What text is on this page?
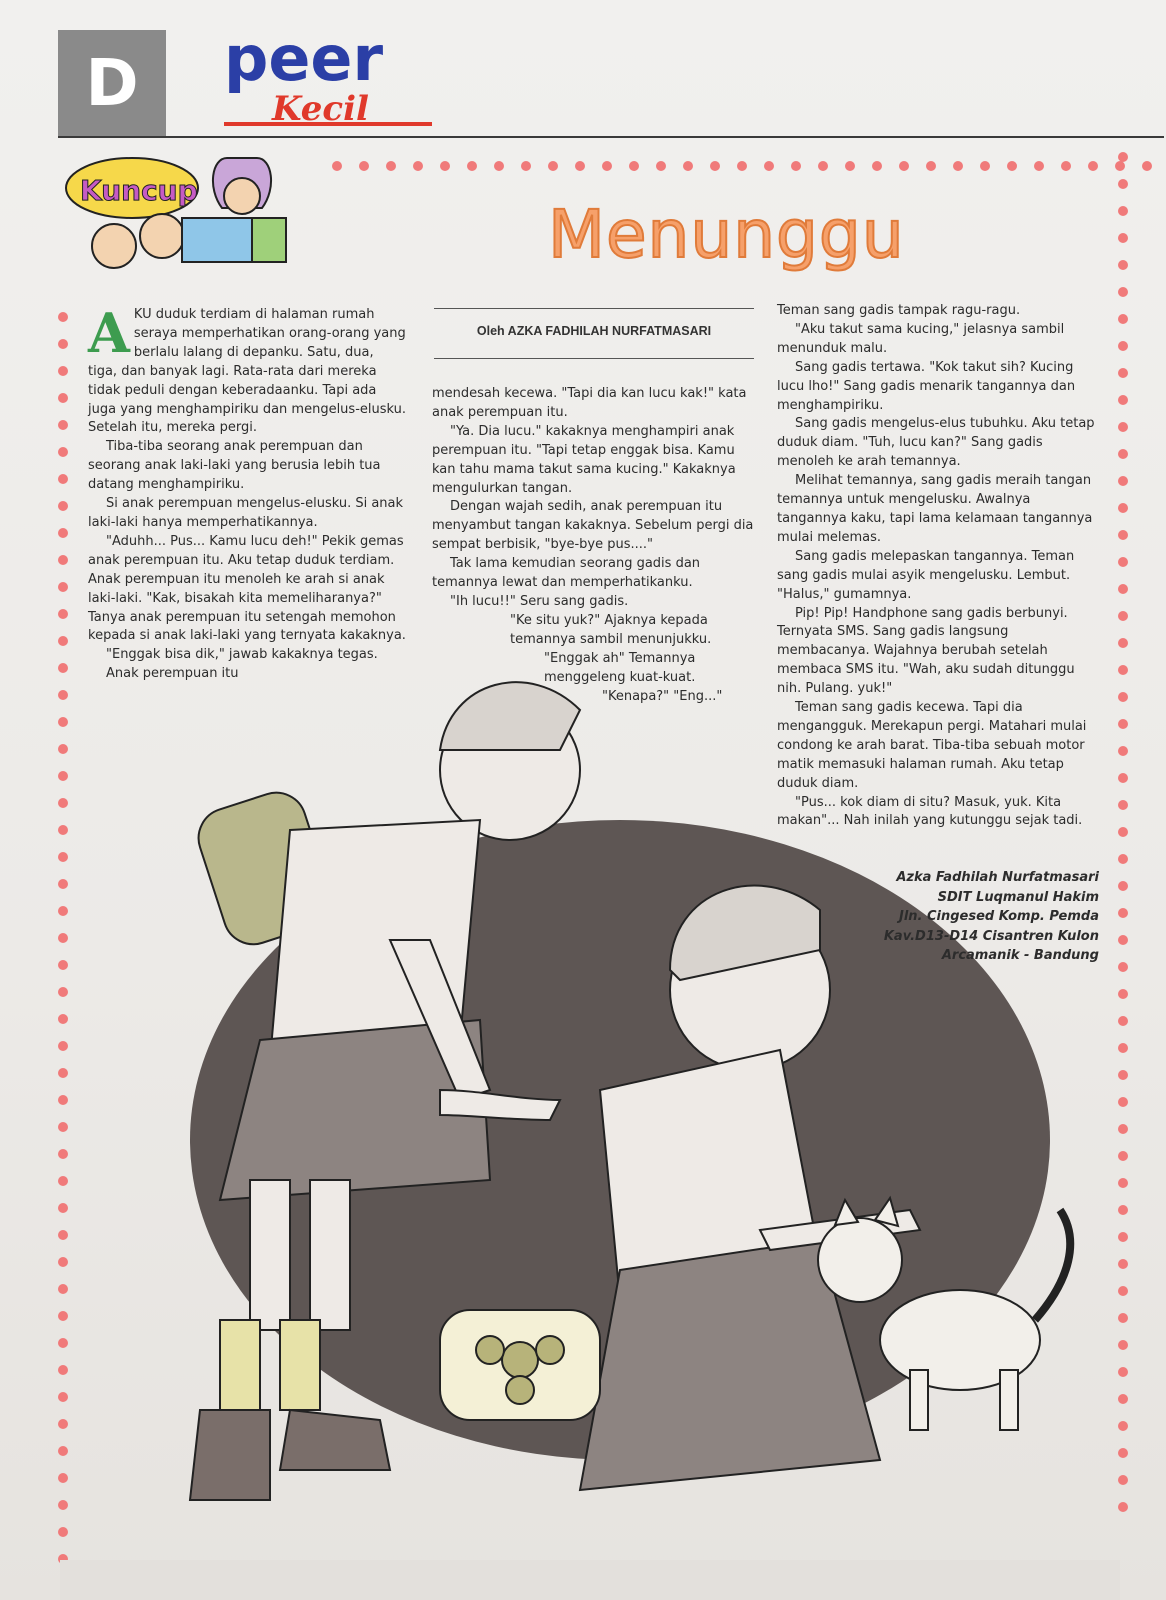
D	peer
Kecil
Kuncup
Menunggu
Oleh AZKA FADHILAH NURFATMASARI

AKU duduk terdiam di halaman rumah seraya memperhatikan orang-orang yang berlalu lalang di depanku. Satu, dua, tiga, dan banyak lagi. Rata-rata dari mereka tidak peduli dengan keberadaanku. Tapi ada juga yang menghampiriku dan mengelus-elusku. Setelah itu, mereka pergi.

Tiba-tiba seorang anak perempuan dan seorang anak laki-laki yang berusia lebih tua datang menghampiriku.

Si anak perempuan mengelus-elusku. Si anak laki-laki hanya memperhatikannya.

"Aduhh... Pus... Kamu lucu deh!" Pekik gemas anak perempuan itu. Aku tetap duduk terdiam. Anak perempuan itu menoleh ke arah si anak laki-laki. "Kak, bisakah kita memeliharanya?" Tanya anak perempuan itu setengah memohon kepada si anak laki-laki yang ternyata kakaknya.

"Enggak bisa dik," jawab kakaknya tegas.

Anak perempuan itu

mendesah kecewa. "Tapi dia kan lucu kak!" kata anak perempuan itu.

"Ya. Dia lucu." kakaknya menghampiri anak perempuan itu. "Tapi tetap enggak bisa. Kamu kan tahu mama takut sama kucing." Kakaknya mengulurkan tangan.

Dengan wajah sedih, anak perempuan itu menyambut tangan kakaknya. Sebelum pergi dia sempat berbisik, "bye-bye pus...."

Tak lama kemudian seorang gadis dan temannya lewat dan memperhatikanku.

"Ih lucu!!" Seru sang gadis.

"Ke situ yuk?" Ajaknya kepada

temannya sambil menunjukku.

"Enggak ah" Temannya

menggeleng kuat-kuat.

"Kenapa?" "Eng..."

Teman sang gadis tampak ragu-ragu.

"Aku takut sama kucing," jelasnya sambil menunduk malu.

Sang gadis tertawa. "Kok takut sih? Kucing lucu lho!" Sang gadis menarik tangannya dan menghampiriku.

Sang gadis mengelus-elus tubuhku. Aku tetap duduk diam. "Tuh, lucu kan?" Sang gadis menoleh ke arah temannya.

Melihat temannya, sang gadis meraih tangan temannya untuk mengelusku. Awalnya tangannya kaku, tapi lama kelamaan tangannya mulai melemas.

Sang gadis melepaskan tangannya. Teman sang gadis mulai asyik mengelusku. Lembut. "Halus," gumamnya.

Pip! Pip! Handphone sang gadis berbunyi. Ternyata SMS. Sang gadis langsung membacanya. Wajahnya berubah setelah membaca SMS itu. "Wah, aku sudah ditunggu nih. Pulang. yuk!"

Teman sang gadis kecewa. Tapi dia mengangguk. Merekapun pergi. Matahari mulai condong ke arah barat. Tiba-tiba sebuah motor matik memasuki halaman rumah. Aku tetap duduk diam.

"Pus... kok diam di situ? Masuk, yuk. Kita makan"... Nah inilah yang kutunggu sejak tadi.

Azka Fadhilah Nurfatmasari
SDIT Luqmanul Hakim
Jln. Cingesed Komp. Pemda
Kav.D13-D14 Cisantren Kulon
Arcamanik - Bandung
